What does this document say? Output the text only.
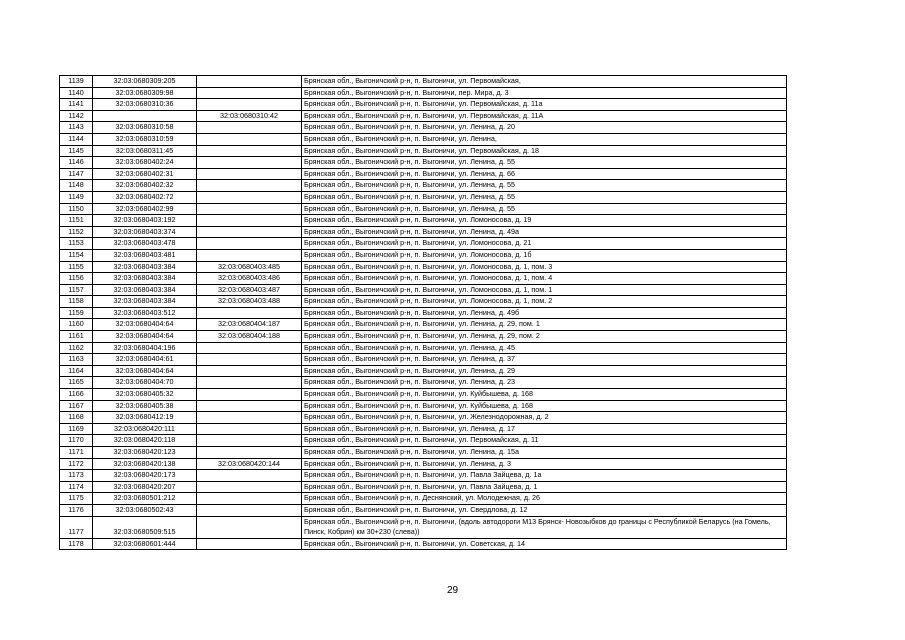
1139	32:03:0680309:205		Брянская обл., Выгоничский р-н, п. Выгоничи, ул. Первомайская,
1140	32:03:0680309:98		Брянская обл., Выгоничский р-н, п. Выгоничи, пер. Мира, д. 3
1141	32:03:0680310:36		Брянская обл., Выгоничский р-н, п. Выгоничи, ул. Первомайская, д. 11а
1142		32:03:0680310:42	Брянская обл., Выгоничский р-н, п. Выгоничи, ул. Первомайская, д. 11А
1143	32:03:0680310:58		Брянская обл., Выгоничский р-н, п. Выгоничи, ул. Ленина, д. 20
1144	32:03:0680310:59		Брянская обл., Выгоничский р-н, п. Выгоничи, ул. Ленина,
1145	32:03:0680311:45		Брянская обл., Выгоничский р-н, п. Выгоничи, ул. Первомайская, д. 18
1146	32:03:0680402:24		Брянская обл., Выгоничский р-н, п. Выгоничи, ул. Ленина, д. 55
1147	32:03:0680402:31		Брянская обл., Выгоничский р-н, п. Выгоничи, ул. Ленина, д. 66
1148	32:03:0680402:32		Брянская обл., Выгоничский р-н, п. Выгоничи, ул. Ленина, д. 55
1149	32:03:0680402:72		Брянская обл., Выгоничский р-н, п. Выгоничи, ул. Ленина, д. 55
1150	32:03:0680402:99		Брянская обл., Выгоничский р-н, п. Выгоничи, ул. Ленина, д. 55
1151	32:03:0680403:192		Брянская обл., Выгоничский р-н, п. Выгоничи, ул. Ломоносова, д. 19
1152	32:03:0680403:374		Брянская обл., Выгоничский р-н, п. Выгоничи, ул. Ленина, д. 49а
1153	32:03:0680403:478		Брянская обл., Выгоничский р-н, п. Выгоничи, ул. Ломоносова, д. 21
1154	32:03:0680403:481		Брянская обл., Выгоничский р-н, п. Выгоничи, ул. Ломоносова, д. 1б
1155	32:03:0680403:384	32:03:0680403:485	Брянская обл., Выгоничский р-н, п. Выгоничи, ул. Ломоносова, д. 1, пом. 3
1156	32:03:0680403:384	32:03:0680403:486	Брянская обл., Выгоничский р-н, п. Выгоничи, ул. Ломоносова, д. 1, пом. 4
1157	32:03:0680403:384	32:03:0680403:487	Брянская обл., Выгоничский р-н, п. Выгоничи, ул. Ломоносова, д. 1, пом. 1
1158	32:03:0680403:384	32:03:0680403:488	Брянская обл., Выгоничский р-н, п. Выгоничи, ул. Ломоносова, д. 1, пом. 2
1159	32:03:0680403:512		Брянская обл., Выгоничский р-н, п. Выгоничи, ул. Ленина, д. 49б
1160	32:03:0680404:64	32:03:0680404:187	Брянская обл., Выгоничский р-н, п. Выгоничи, ул. Ленина, д. 29, пом. 1
1161	32:03:0680404:64	32:03:0680404:188	Брянская обл., Выгоничский р-н, п. Выгоничи, ул. Ленина, д. 29, пом. 2
1162	32:03:0680404:196		Брянская обл., Выгоничский р-н, п. Выгоничи, ул. Ленина, д. 45
1163	32:03:0680404:61		Брянская обл., Выгоничский р-н, п. Выгоничи, ул. Ленина, д. 37
1164	32:03:0680404:64		Брянская обл., Выгоничский р-н, п. Выгоничи, ул. Ленина, д. 29
1165	32:03:0680404:70		Брянская обл., Выгоничский р-н, п. Выгоничи, ул. Ленина, д. 23
1166	32:03:0680405:32		Брянская обл., Выгоничский р-н, п. Выгоничи, ул. Куйбышева, д. 168
1167	32:03:0680405:38		Брянская обл., Выгоничский р-н, п. Выгоничи, ул. Куйбышева, д. 168
1168	32:03:0680412:19		Брянская обл., Выгоничский р-н, п. Выгоничи, ул. Железнодорожная, д. 2
1169	32:03:0680420:111		Брянская обл., Выгоничский р-н, п. Выгоничи, ул. Ленина, д. 17
1170	32:03:0680420:118		Брянская обл., Выгоничский р-н, п. Выгоничи, ул. Первомайская, д. 11
1171	32:03:0680420:123		Брянская обл., Выгоничский р-н, п. Выгоничи, ул. Ленина, д. 15а
1172	32:03:0680420:138	32:03:0680420:144	Брянская обл., Выгоничский р-н, п. Выгоничи, ул. Ленина, д. 3
1173	32:03:0680420:173		Брянская обл., Выгоничский р-н, п. Выгоничи, ул. Павла Зайцева, д. 1а
1174	32:03:0680420:207		Брянская обл., Выгоничский р-н, п. Выгоничи, ул. Павла Зайцева, д. 1
1175	32:03:0680501:212		Брянская обл., Выгоничский р-н, п. Деснянский, ул. Молодежная, д. 26
1176	32:03:0680502:43		Брянская обл., Выгоничский р-н, п. Выгоничи, ул. Свердлова, д. 12
1177	32:03:0680509:515		Брянская обл., Выгоничский р-н, п. Выгоничи, (вдоль автодороги М13 Брянск- Новозыбков до границы с Республикой Беларусь (на Гомель, Пинск, Кобрин) км 30+230 (слева))
1178	32:03:0680601:444		Брянская обл., Выгоничский р-н, п. Выгоничи, ул. Советская, д. 14
29
